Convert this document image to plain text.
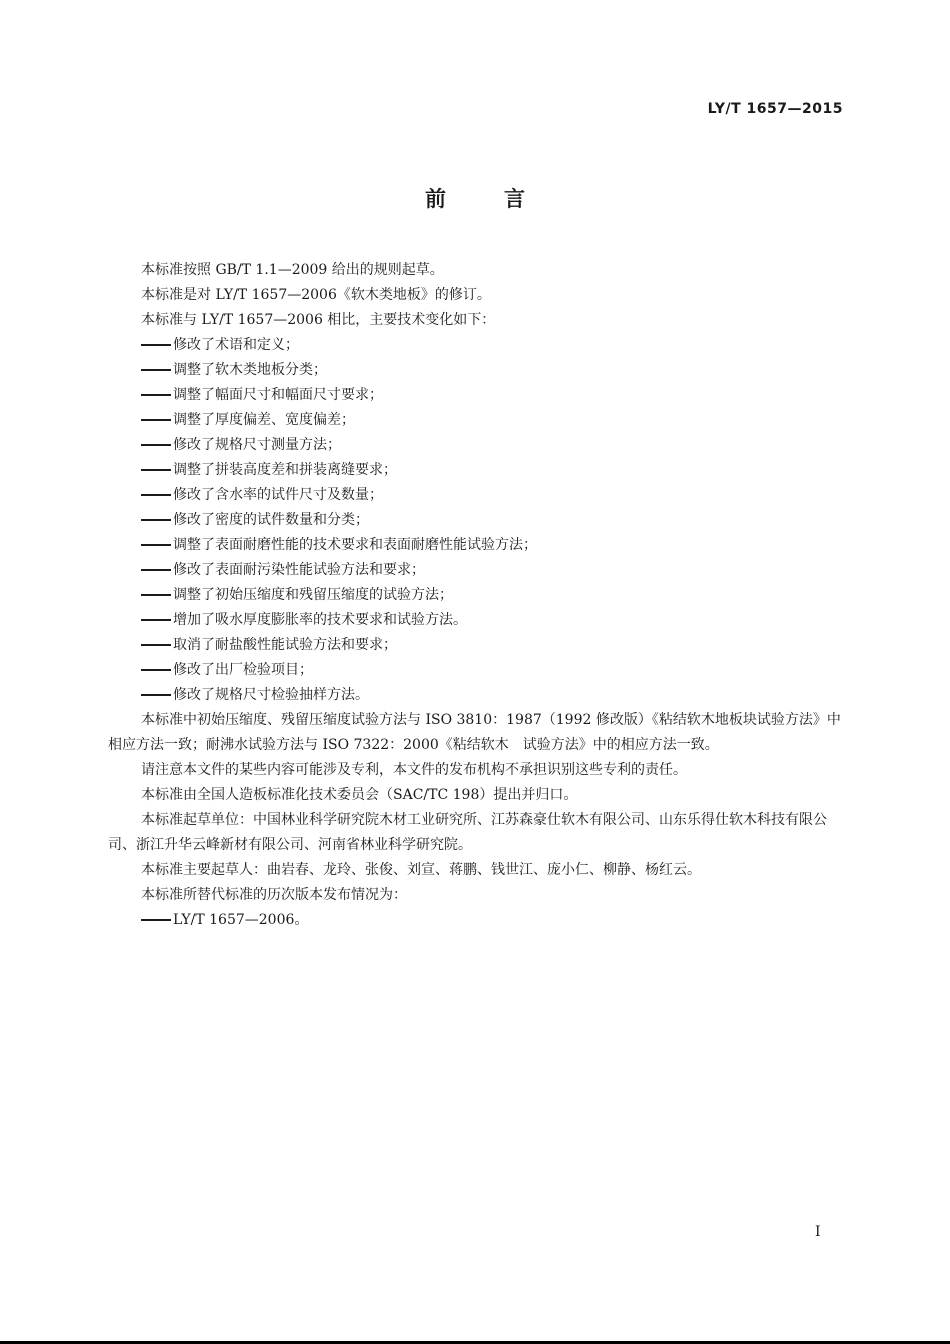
LY/T 1657—2015
前言

本标准按照 GB/T 1.1—2009 给出的规则起草。

本标准是对 LY/T 1657—2006《软木类地板》的修订。

本标准与 LY/T 1657—2006 相比，主要技术变化如下：

修改了术语和定义；

调整了软木类地板分类；

调整了幅面尺寸和幅面尺寸要求；

调整了厚度偏差、宽度偏差；

修改了规格尺寸测量方法；

调整了拼装高度差和拼装离缝要求；

修改了含水率的试件尺寸及数量；

修改了密度的试件数量和分类；

调整了表面耐磨性能的技术要求和表面耐磨性能试验方法；

修改了表面耐污染性能试验方法和要求；

调整了初始压缩度和残留压缩度的试验方法；

增加了吸水厚度膨胀率的技术要求和试验方法。

取消了耐盐酸性能试验方法和要求；

修改了出厂检验项目；

修改了规格尺寸检验抽样方法。

本标准中初始压缩度、残留压缩度试验方法与 ISO 3810：1987（1992 修改版）《粘结软木地板块试验方法》中相应方法一致；耐沸水试验方法与 ISO 7322：2000《粘结软木　试验方法》中的相应方法一致。

请注意本文件的某些内容可能涉及专利，本文件的发布机构不承担识别这些专利的责任。

本标准由全国人造板标准化技术委员会（SAC/TC 198）提出并归口。

本标准起草单位：中国林业科学研究院木材工业研究所、江苏森豪仕软木有限公司、山东乐得仕软木科技有限公司、浙江升华云峰新材有限公司、河南省林业科学研究院。

本标准主要起草人：曲岩春、龙玲、张俊、刘宣、蒋鹏、钱世江、庞小仁、柳静、杨红云。

本标准所替代标准的历次版本发布情况为：

LY/T 1657—2006。

I
